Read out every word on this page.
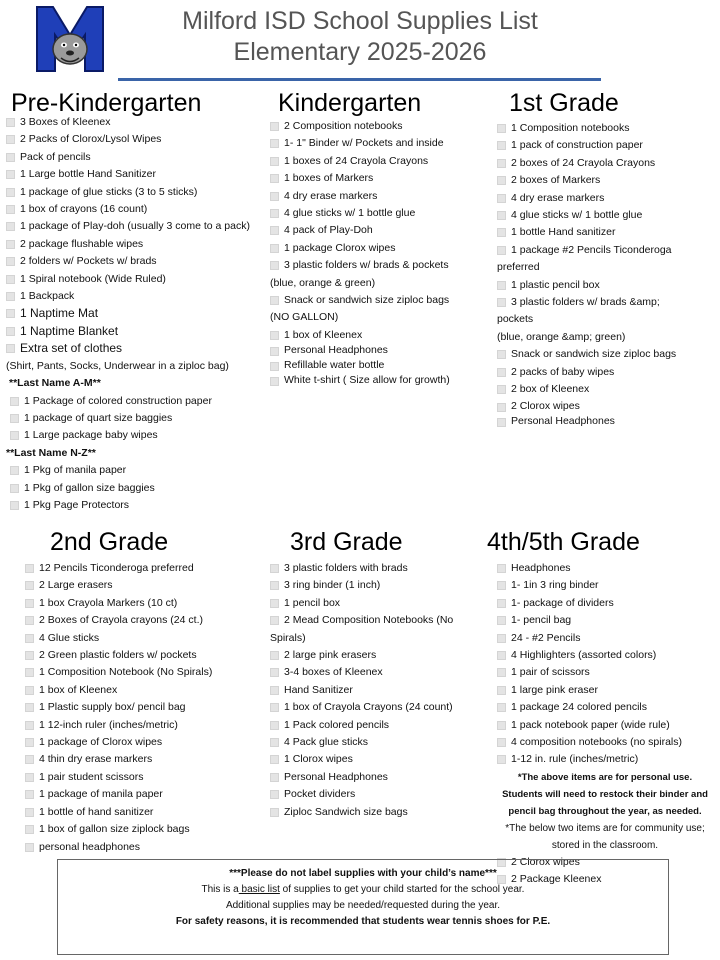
Milford ISD School Supplies List
Elementary 2025-2026
Pre-Kindergarten
3 Boxes of Kleenex
2 Packs of Clorox/Lysol Wipes
Pack of pencils
1 Large bottle Hand Sanitizer
1 package of glue sticks (3 to 5 sticks)
1 box of crayons (16 count)
1 package of Play-doh (usually 3 come to a pack)
2 package flushable wipes
2 folders w/ Pockets w/ brads
1 Spiral notebook (Wide Ruled)
1 Backpack
1 Naptime Mat
1 Naptime Blanket
Extra set of clothes
(Shirt, Pants, Socks, Underwear in a ziploc bag)
**Last Name A-M**
1 Package of colored construction paper
1 package of quart size baggies
1 Large package baby wipes
**Last Name N-Z**
1 Pkg of manila paper
1 Pkg of gallon size baggies
1 Pkg Page Protectors
Kindergarten
2 Composition notebooks
1- 1" Binder w/ Pockets and inside
1 boxes of 24 Crayola Crayons
1 boxes of Markers
4 dry erase markers
4 glue sticks w/ 1 bottle glue
4 pack of Play-Doh
1 package Clorox wipes
3 plastic folders w/ brads & pockets
(blue, orange & green)
Snack or sandwich size ziploc bags
(NO GALLON)
1 box of Kleenex
Personal Headphones
Refillable water bottle
White t-shirt ( Size allow for growth)
1st Grade
1 Composition notebooks
1 pack of construction paper
2 boxes of 24 Crayola Crayons
2 boxes of Markers
4 dry erase markers
4 glue sticks w/ 1 bottle glue
1 bottle Hand sanitizer
1 package #2 Pencils Ticonderoga
preferred
1 plastic pencil box
3 plastic folders w/ brads &amp;
pockets
(blue, orange &amp; green)
Snack or sandwich size ziploc bags
2 packs of baby wipes
2 box of Kleenex
2 Clorox wipes
Personal Headphones
2nd Grade
12 Pencils Ticonderoga preferred
2 Large erasers
1 box Crayola Markers (10 ct)
2 Boxes of Crayola crayons (24 ct.)
4 Glue sticks
2 Green plastic folders w/ pockets
1 Composition Notebook (No Spirals)
1 box of Kleenex
1 Plastic supply box/ pencil bag
1 12-inch ruler (inches/metric)
1 package of Clorox wipes
4 thin dry erase markers
1 pair student scissors
1 package of manila paper
1 bottle of hand sanitizer
1 box of gallon size ziplock bags
personal headphones
3rd Grade
3 plastic folders with brads
3 ring binder (1 inch)
1 pencil box
2 Mead Composition Notebooks (No
Spirals)
2 large pink erasers
3-4 boxes of Kleenex
Hand Sanitizer
1 box of Crayola Crayons (24 count)
1 Pack colored pencils
4 Pack glue sticks
1 Clorox wipes
Personal Headphones
Pocket dividers
Ziploc Sandwich size bags
4th/5th Grade
Headphones
1- 1in 3 ring binder
1- package of dividers
1- pencil bag
24 - #2 Pencils
4 Highlighters (assorted colors)
1 pair of scissors
1 large pink eraser
1 package 24 colored pencils
1 pack notebook paper (wide rule)
4 composition notebooks (no spirals)
1-12 in. rule (inches/metric)
*The above items are for personal use. Students will need to restock their binder and pencil bag throughout the year, as needed.
*The below two items are for community use; stored in the classroom.
2 Clorox wipes
2 Package Kleenex
***Please do not label supplies with your child’s name***
This is a basic list of supplies to get your child started for the school year.
Additional supplies may be needed/requested during the year.
For safety reasons, it is recommended that students wear tennis shoes for P.E.
